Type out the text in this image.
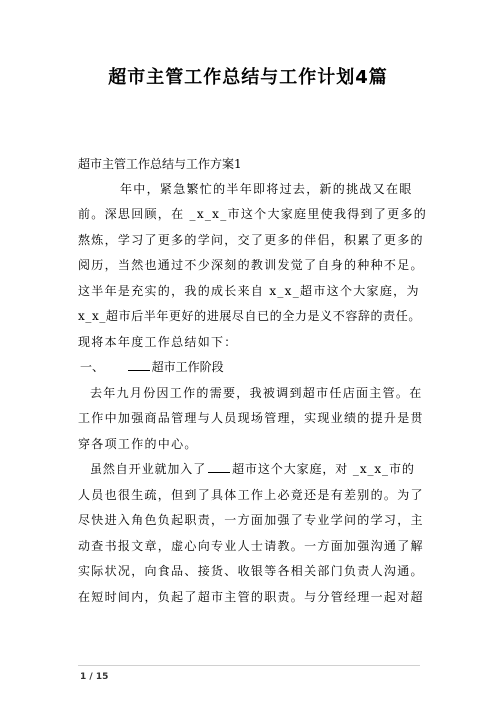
超市主管工作总结与工作计划4篇
超市主管工作总结与工作方案1
年中，紧急繁忙的半年即将过去，新的挑战又在眼
前。深思回顾，在 _x_x_市这个大家庭里使我得到了更多的
熬炼，学习了更多的学问，交了更多的伴侣，积累了更多的
阅历，当然也通过不少深刻的教训发觉了自身的种种不足。
这半年是充实的，我的成长来自 x_x_超市这个大家庭，为
x_x_超市后半年更好的进展尽自已的全力是义不容辞的责任。
现将本年度工作总结如下：
一、	超市工作阶段
去年九月份因工作的需要，我被调到超市任店面主管。在
工作中加强商品管理与人员现场管理，实现业绩的提升是贯
穿各项工作的中心。
虽然自开业就加入了 超市这个大家庭，对 _x_x_市的
人员也很生疏，但到了具体工作上必竟还是有差别的。为了
尽快进入角色负起职责，一方面加强了专业学问的学习，主
动查书报文章，虚心向专业人士请教。一方面加强沟通了解
实际状况，向食品、接货、收银等各相关部门负责人沟通。
在短时间内，负起了超市主管的职责。与分管经理一起对超
1 / 15
